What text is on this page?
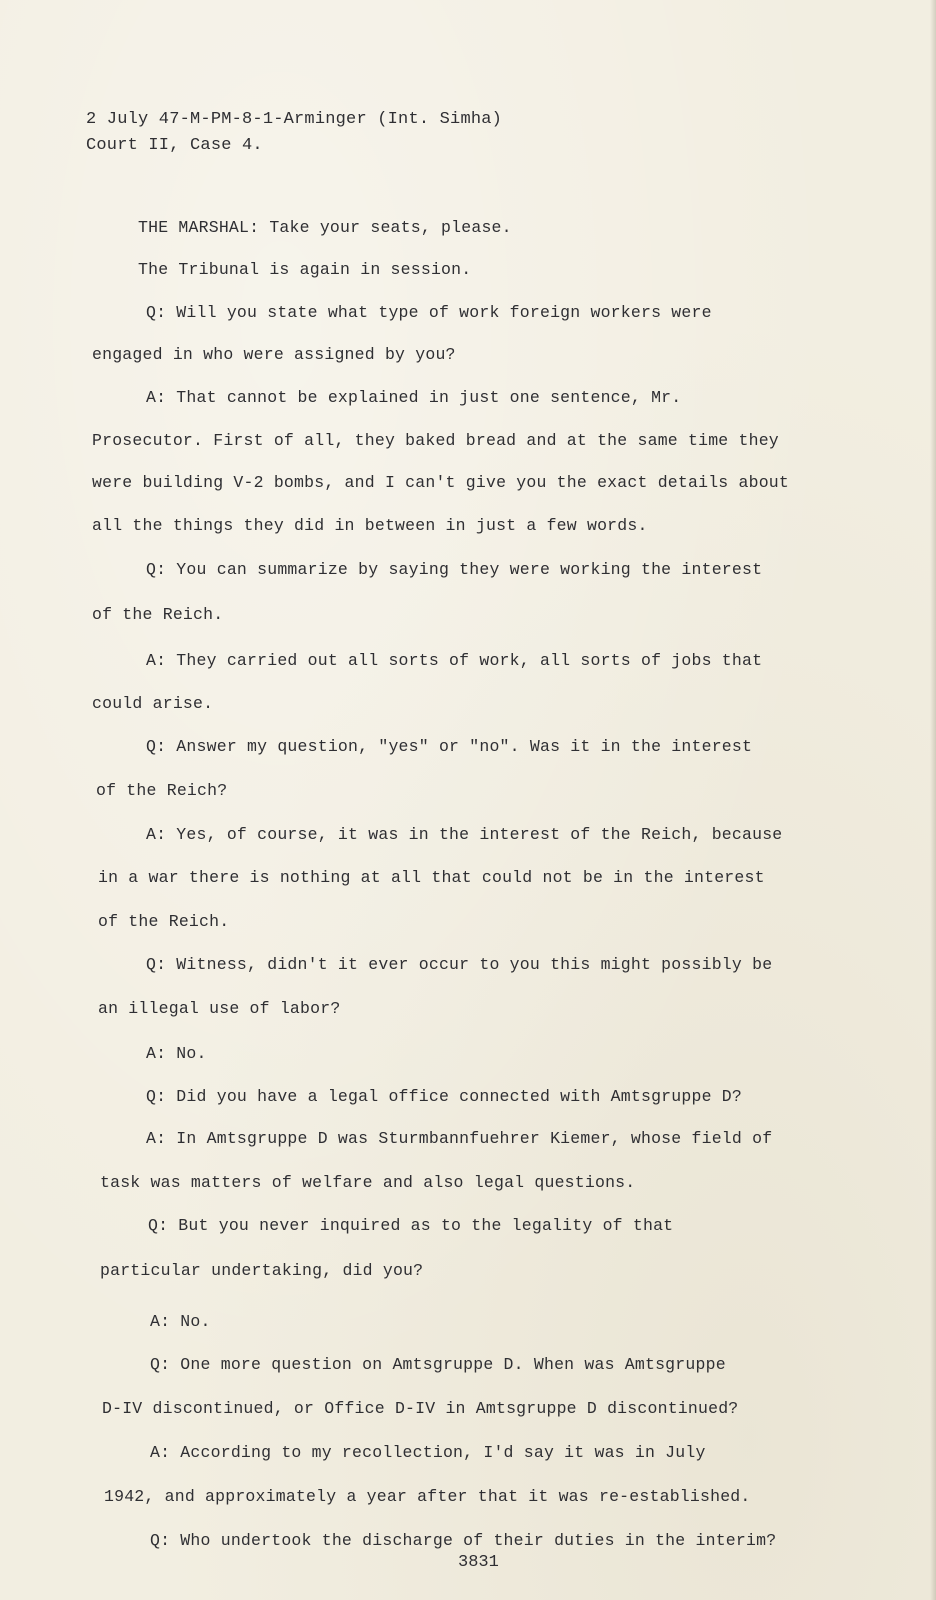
2 July 47-M-PM-8-1-Arminger (Int. Simha)
Court II, Case 4.
THE MARSHAL: Take your seats, please.
The Tribunal is again in session.
Q: Will you state what type of work foreign workers were
engaged in who were assigned by you?
A: That cannot be explained in just one sentence, Mr.
Prosecutor. First of all, they baked bread and at the same time they
were building V-2 bombs, and I can't give you the exact details about
all the things they did in between in just a few words.
Q: You can summarize by saying they were working the interest
of the Reich.
A: They carried out all sorts of work, all sorts of jobs that
could arise.
Q: Answer my question, "yes" or "no". Was it in the interest
of the Reich?
A: Yes, of course, it was in the interest of the Reich, because
in a war there is nothing at all that could not be in the interest
of the Reich.
Q: Witness, didn't it ever occur to you this might possibly be
an illegal use of labor?
A: No.
Q: Did you have a legal office connected with Amtsgruppe D?
A: In Amtsgruppe D was Sturmbannfuehrer Kiemer, whose field of
task was matters of welfare and also legal questions.
Q: But you never inquired as to the legality of that
particular undertaking, did you?
A: No.
Q: One more question on Amtsgruppe D. When was Amtsgruppe
D-IV discontinued, or Office D-IV in Amtsgruppe D discontinued?
A: According to my recollection, I'd say it was in July
1942, and approximately a year after that it was re-established.
Q: Who undertook the discharge of their duties in the interim?
3831
